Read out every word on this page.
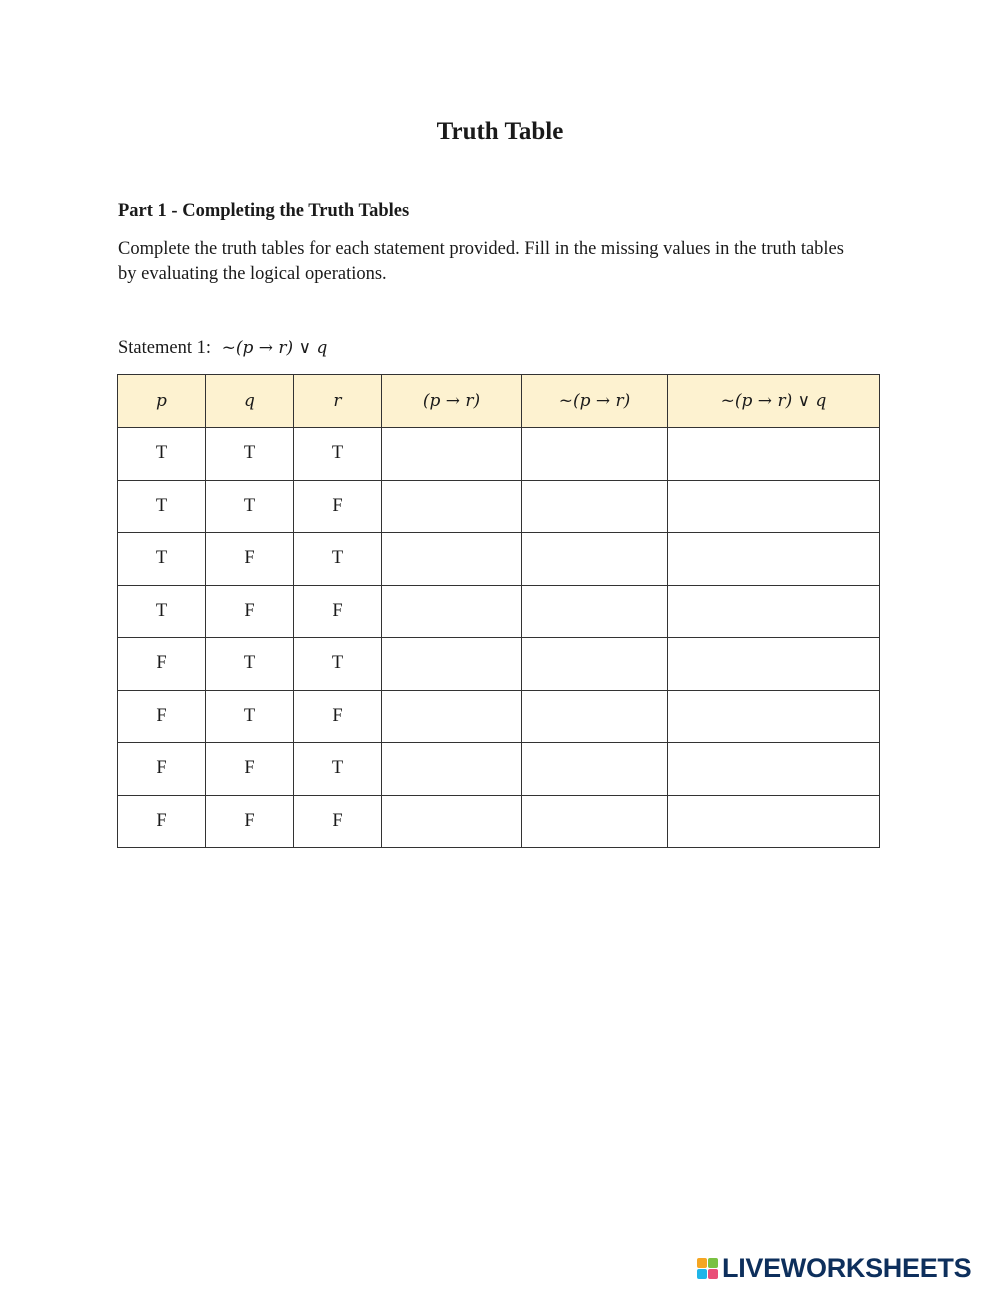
Truth Table
Part 1 - Completing the Truth Tables
Complete the truth tables for each statement provided. Fill in the missing values in the truth tables by evaluating the logical operations.
Statement 1: ~(p → r) ∨ q
p	q	r	(p → r)	~(p → r)	~(p → r) ∨ q
T	T	T			
T	T	F			
T	F	T			
T	F	F			
F	T	T			
F	T	F			
F	F	T			
F	F	F			
LIVEWORKSHEETS
